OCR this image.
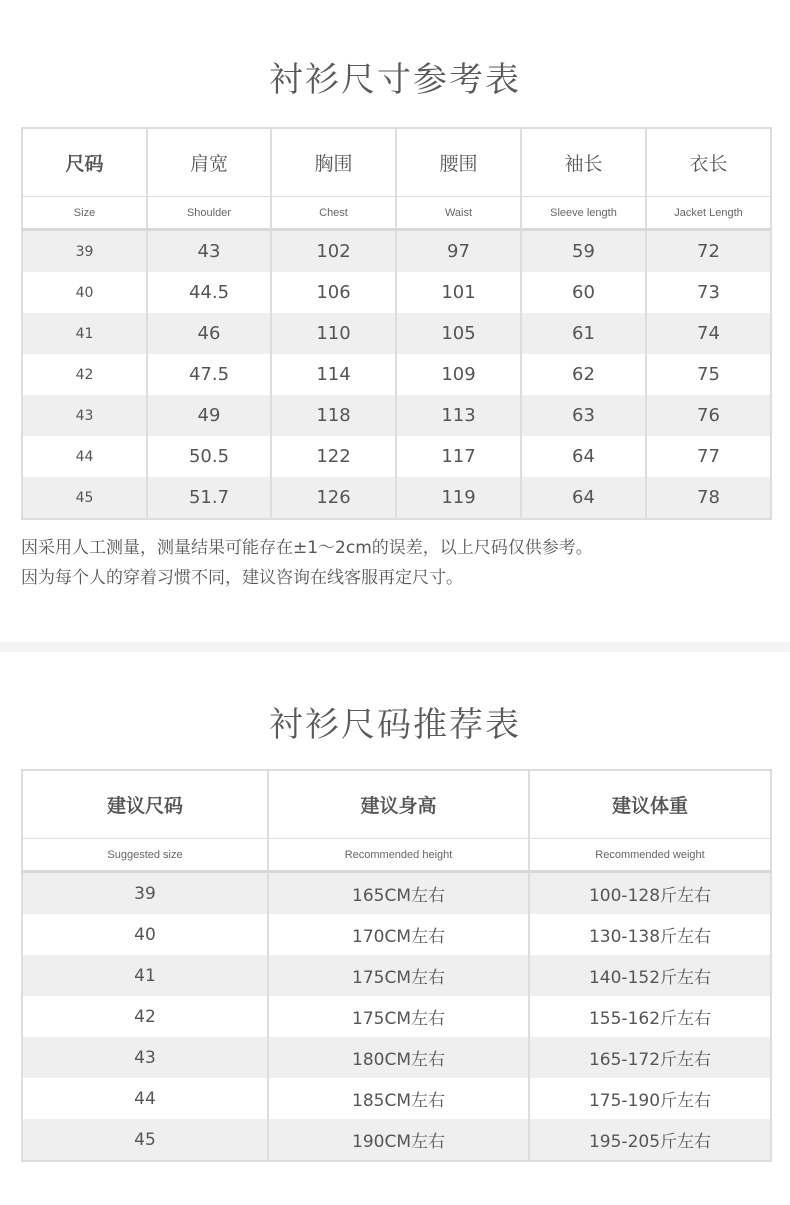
衬衫尺寸参考表
尺码	肩宽	胸围	腰围	袖长	衣长
Size	Shoulder	Chest	Waist	Sleeve length	Jacket Length
39	43	102	97	59	72
40	44.5	106	101	60	73
41	46	110	105	61	74
42	47.5	114	109	62	75
43	49	118	113	63	76
44	50.5	122	117	64	77
45	51.7	126	119	64	78
因采用人工测量，测量结果可能存在±1～2cm的误差，以上尺码仅供参考。
因为每个人的穿着习惯不同，建议咨询在线客服再定尺寸。
衬衫尺码推荐表
建议尺码	建议身高	建议体重
Suggested size	Recommended height	Recommended weight
39	165CM左右	100-128斤左右
40	170CM左右	130-138斤左右
41	175CM左右	140-152斤左右
42	175CM左右	155-162斤左右
43	180CM左右	165-172斤左右
44	185CM左右	175-190斤左右
45	190CM左右	195-205斤左右
